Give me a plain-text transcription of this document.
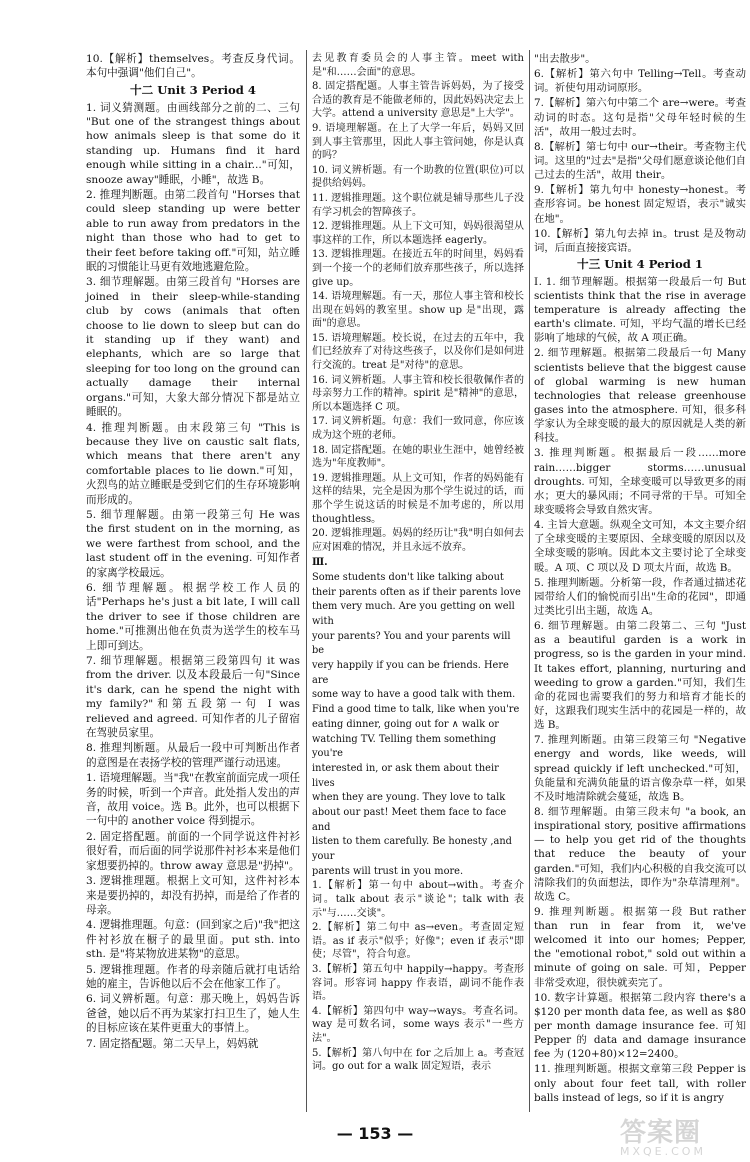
10.【解析】themselves。考查反身代词。本句中强调"他们自己"。

十二 Unit 3 Period 4

1. 词义猜测题。由画线部分之前的二、三句 "But one of the strangest things about how animals sleep is that some do it standing up. Humans find it hard enough while sitting in a chair..."可知，snooze away"睡眠，小睡"，故选 B。

2. 推理判断题。由第二段首句 "Horses that could sleep standing up were better able to run away from predators in the night than those who had to get to their feet before taking off."可知，站立睡眠的习惯能让马更有效地逃避危险。

3. 细节理解题。由第三段首句 "Horses are joined in their sleep-while-standing club by cows (animals that often choose to lie down to sleep but can do it standing up if they want) and elephants, which are so large that sleeping for too long on the ground can actually damage their internal organs."可知，大象大部分情况下都是站立睡眠的。

4. 推理判断题。由末段第三句 "This is because they live on caustic salt flats, which means that there aren't any comfortable places to lie down."可知，火烈鸟的站立睡眠是受到它们的生存环境影响而形成的。

5. 细节理解题。由第一段第三句 He was the first student on in the morning, as we were farthest from school, and the last student off in the evening. 可知作者的家离学校最远。

6. 细节理解题。根据学校工作人员的话"Perhaps he's just a bit late, I will call the driver to see if those children are home."可推测出他在负责为送学生的校车马上即可到达。

7. 细节理解题。根据第三段第四句 it was from the driver. 以及本段最后一句"Since it's dark, can he spend the night with my family?"和第五段第一句 I was relieved and agreed. 可知作者的儿子留宿在驾驶员家里。

8. 推理判断题。从最后一段中可判断出作者的意图是在表扬学校的管理严谨行动迅速。

1. 语境理解题。当"我"在教室前面完成一项任务的时候，听到一个声音。此处指人发出的声音，故用 voice。选 B。此外，也可以根据下一句中的 another voice 得到提示。

2. 固定搭配题。前面的一个同学说这件衬衫很好看，而后面的同学说那件衬衫本来是他们家想要扔掉的。throw away 意思是"扔掉"。

3. 逻辑推理题。根据上文可知，这件衬衫本来是要扔掉的，却没有扔掉，而是给了作者的母亲。

4. 逻辑推理题。句意：(回到家之后)"我"把这件衬衫放在橱子的最里面。put sth. into sth. 是"将某物放进某物"的意思。

5. 逻辑推理题。作者的母亲随后就打电话给她的雇主，告诉他以后不会在他家工作了。

6. 词义辨析题。句意：那天晚上，妈妈告诉爸爸，她以后不再为某家打扫卫生了，她人生的目标应该在某件更重大的事情上。

7. 固定搭配题。第二天早上，妈妈就

去见教育委员会的人事主管。meet with 是"和……会面"的意思。

8. 固定搭配题。人事主管告诉妈妈，为了接受合适的教育是不能做老师的，因此妈妈决定去上大学。attend a university 意思是"上大学"。

9. 语境理解题。在上了大学一年后，妈妈又回到人事主管那里，因此人事主管问她，你是认真的吗？

10. 词义辨析题。有一个助教的位置(职位)可以提供给妈妈。

11. 逻辑推理题。这个职位就是辅导那些儿子没有学习机会的智障孩子。

12. 逻辑推理题。从上下文可知，妈妈很渴望从事这样的工作，所以本题选择 eagerly。

13. 逻辑推理题。在接近五年的时间里，妈妈看到一个接一个的老师们放弃那些孩子，所以选择 give up。

14. 语境理解题。有一天，那位人事主管和校长出现在妈妈的教室里。show up 是"出现，露面"的意思。

15. 语境理解题。校长说，在过去的五年中，我们已经放弃了对待这些孩子，以及你们是如何进行交流的。treat 是"对待"的意思。

16. 词义辨析题。人事主管和校长很敬佩作者的母亲努力工作的精神。spirit 是"精神"的意思，所以本题选择 C 项。

17. 词义辨析题。句意：我们一致同意，你应该成为这个班的老师。

18. 固定搭配题。在她的职业生涯中，她曾经被选为"年度教师"。

19. 逻辑推理题。从上文可知，作者的妈妈能有这样的结果，完全是因为那个学生说过的话，而那个学生说这话的时候是不加考虑的，所以用 thoughtless。

20. 逻辑推理题。妈妈的经历让"我"明白如何去应对困难的情况，并且永远不放弃。

Ⅲ.
Some students don't like talking about
their parents often as if their parents love
them very much. Are you getting on well with
your parents? You and your parents will be
very happily if you can be friends. Here are
some way to have a good talk with them.
Find a good time to talk, like when you're
eating dinner, going out for ∧ walk or
watching TV. Telling them something you're
interested in, or ask them about their lives
when they are young. They love to talk
about our past! Meet them face to face and
listen to them carefully. Be honesty ,and your
parents will trust in you more.

1.【解析】第一句中 about→with。考查介词。talk about 表示"谈论"；talk with 表示"与……交谈"。

2.【解析】第二句中 as→even。考查固定短语。as if 表示"似乎；好像"；even if 表示"即使；尽管"，符合句意。

3.【解析】第五句中 happily→happy。考查形容词。形容词 happy 作表语，副词不能作表语。

4.【解析】第四句中 way→ways。考查名词。way 是可数名词，some ways 表示"一些方法"。

5.【解析】第八句中在 for 之后加上 a。考查冠词。go out for a walk 固定短语，表示

"出去散步"。

6.【解析】第六句中 Telling→Tell。考查动词。祈使句用动词原形。

7.【解析】第六句中第二个 are→were。考查动词的时态。这句是指"父母年轻时候的生活"，故用一般过去时。

8.【解析】第七句中 our→their。考查物主代词。这里的"过去"是指"父母们愿意谈论他们自己过去的生活"，故用 their。

9.【解析】第九句中 honesty→honest。考查形容词。be honest 固定短语，表示"诚实在地"。

10.【解析】第九句去掉 in。trust 是及物动词，后面直接接宾语。

十三 Unit 4 Period 1

Ⅰ. 1. 细节理解题。根据第一段最后一句 But scientists think that the rise in average temperature is already affecting the earth's climate. 可知，平均气温的增长已经影响了地球的气候，故 A 项正确。

2. 细节理解题。根据第二段最后一句 Many scientists believe that the biggest cause of global warming is new human technologies that release greenhouse gases into the atmosphere. 可知，很多科学家认为全球变暖的最大的原因就是人类的新科技。

3. 推理判断题。根据最后一段……more rain……bigger storms……unusual droughts. 可知，全球变暖可以导致更多的雨水；更大的暴风雨；不同寻常的干旱。可知全球变暖将会导致自然灾害。

4. 主旨大意题。纵观全文可知，本文主要介绍了全球变暖的主要原因、全球变暖的原因以及全球变暖的影响。因此本文主要讨论了全球变暖。A 项、C 项以及 D 项太片面，故选 B。

5. 推理判断题。分析第一段，作者通过描述花园带给人们的愉悦而引出"生命的花园"，即通过类比引出主题，故选 A。

6. 细节理解题。由第二段第二、三句 "Just as a beautiful garden is a work in progress, so is the garden in your mind. It takes effort, planning, nurturing and weeding to grow a garden."可知，我们生命的花园也需要我们的努力和培育才能长的好，这跟我们现实生活中的花园是一样的，故选 B。

7. 推理判断题。由第三段第三句 "Negative energy and words, like weeds, will spread quickly if left unchecked."可知，负能量和充满负能量的语言像杂草一样，如果不及时地清除就会蔓延，故选 B。

8. 细节理解题。由第三段末句 "a book, an inspirational story, positive affirmations — to help you get rid of the thoughts that reduce the beauty of your garden."可知，我们内心积极的自我交流可以清除我们的负面想法，即作为"杂草清理剂"。故选 C。

9. 推理判断题。根据第一段 But rather than run in fear from it, we've welcomed it into our homes; Pepper, the "emotional robot," sold out within a minute of going on sale. 可知，Pepper 非常受欢迎，很快就卖完了。

10. 数字计算题。根据第二段内容 there's a $120 per month data fee, as well as $80 per month damage insurance fee. 可知 Pepper 的 data and damage insurance fee 为 (120+80)×12=2400。

11. 推理判断题。根据文章第三段 Pepper is only about four feet tall, with roller balls instead of legs, so if it is angry

— 153 —	答案圈
MXQE.COM
